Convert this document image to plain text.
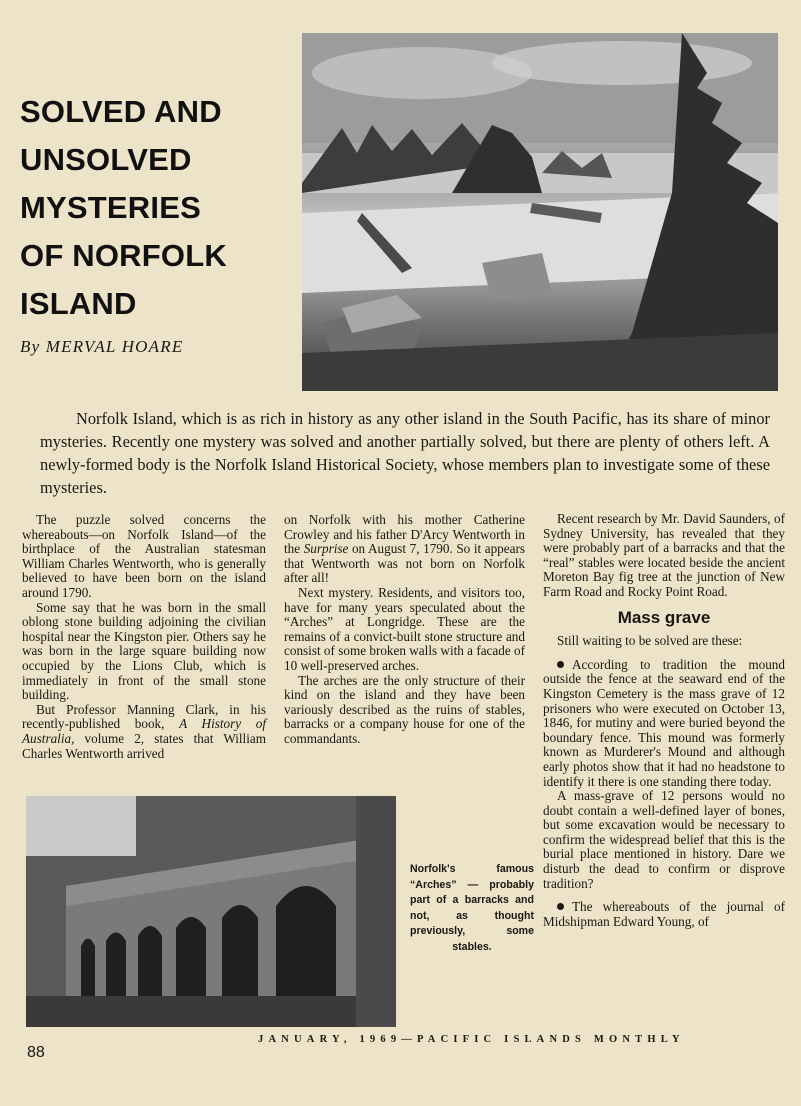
SOLVED AND
UNSOLVED
MYSTERIES
OF NORFOLK
ISLAND
By MERVAL HOARE

Norfolk Island, which is as rich in history as any other island in the South Pacific, has its share of minor mysteries. Recently one mystery was solved and another partially solved, but there are plenty of others left. A newly-formed body is the Norfolk Island Historical Society, whose members plan to investigate some of these mysteries.

The puzzle solved concerns the whereabouts—on Norfolk Island—of the birthplace of the Australian statesman William Charles Wentworth, who is generally believed to have been born on the island around 1790.

Some say that he was born in the small oblong stone building adjoining the civilian hospital near the Kingston pier. Others say he was born in the large square building now occupied by the Lions Club, which is immediately in front of the small stone building.

But Professor Manning Clark, in his recently-published book, A History of Australia, volume 2, states that William Charles Wentworth arrived

on Norfolk with his mother Catherine Crowley and his father D'Arcy Wentworth in the Surprise on August 7, 1790. So it appears that Wentworth was not born on Norfolk after all!

Next mystery. Residents, and visitors too, have for many years speculated about the “Arches” at Longridge. These are the remains of a convict-built stone structure and consist of some broken walls with a facade of 10 well-preserved arches.

The arches are the only structure of their kind on the island and they have been variously described as the ruins of stables, barracks or a company house for one of the commandants.

Recent research by Mr. David Saunders, of Sydney University, has revealed that they were probably part of a barracks and that the “real” stables were located beside the ancient Moreton Bay fig tree at the junction of New Farm Road and Rocky Point Road.

Mass grave

Still waiting to be solved are these:

According to tradition the mound outside the fence at the seaward end of the Kingston Cemetery is the mass grave of 12 prisoners who were executed on October 13, 1846, for mutiny and were buried beyond the boundary fence. This mound was formerly known as Murderer's Mound and although early photos show that it had no headstone to identify it there is one standing there today.

A mass-grave of 12 persons would no doubt contain a well-defined layer of bones, but some excavation would be necessary to confirm the widespread belief that this is the burial place mentioned in history. Dare we disturb the dead to confirm or disprove tradition?

The whereabouts of the journal of Midshipman Edward Young, of

Norfolk's famous “Arches” — probably part of a barracks and not, as thought previously, some stables.

JANUARY, 1969—PACIFIC ISLANDS MONTHLY
88
